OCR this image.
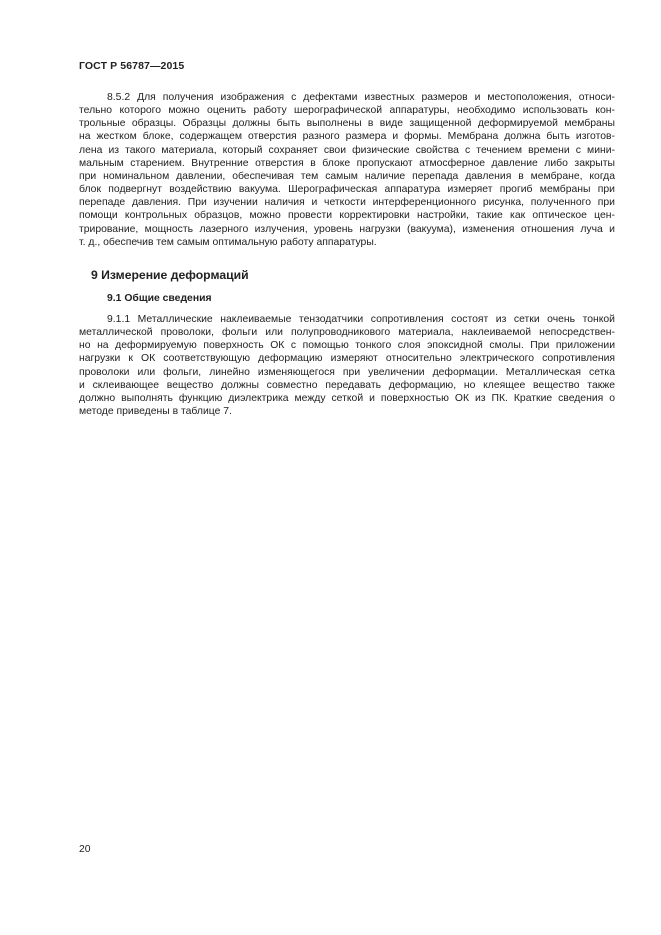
ГОСТ Р 56787—2015
8.5.2 Для получения изображения с дефектами известных размеров и местоположения, относи-
тельно которого можно оценить работу шерографической аппаратуры, необходимо использовать кон-
трольные образцы. Образцы должны быть выполнены в виде защищенной деформируемой мембраны
на жестком блоке, содержащем отверстия разного размера и формы. Мембрана должна быть изготов-
лена из такого материала, который сохраняет свои физические свойства с течением времени с мини-
мальным старением. Внутренние отверстия в блоке пропускают атмосферное давление либо закрыты
при номинальном давлении, обеспечивая тем самым наличие перепада давления в мембране, когда
блок подвергнут воздействию вакуума. Шерографическая аппаратура измеряет прогиб мембраны при
перепаде давления. При изучении наличия и четкости интерференционного рисунка, полученного при
помощи контрольных образцов, можно провести корректировки настройки, такие как оптическое цен-
трирование, мощность лазерного излучения, уровень нагрузки (вакуума), изменения отношения луча и
т. д., обеспечив тем самым оптимальную работу аппаратуры.
9 Измерение деформаций
9.1 Общие сведения
9.1.1 Металлические наклеиваемые тензодатчики сопротивления состоят из сетки очень тонкой
металлической проволоки, фольги или полупроводникового материала, наклеиваемой непосредствен-
но на деформируемую поверхность ОК с помощью тонкого слоя эпоксидной смолы. При приложении
нагрузки к ОК соответствующую деформацию измеряют относительно электрического сопротивления
проволоки или фольги, линейно изменяющегося при увеличении деформации. Металлическая сетка
и склеивающее вещество должны совместно передавать деформацию, но клеящее вещество также
должно выполнять функцию диэлектрика между сеткой и поверхностью ОК из ПК. Краткие сведения о
методе приведены в таблице 7.
20
